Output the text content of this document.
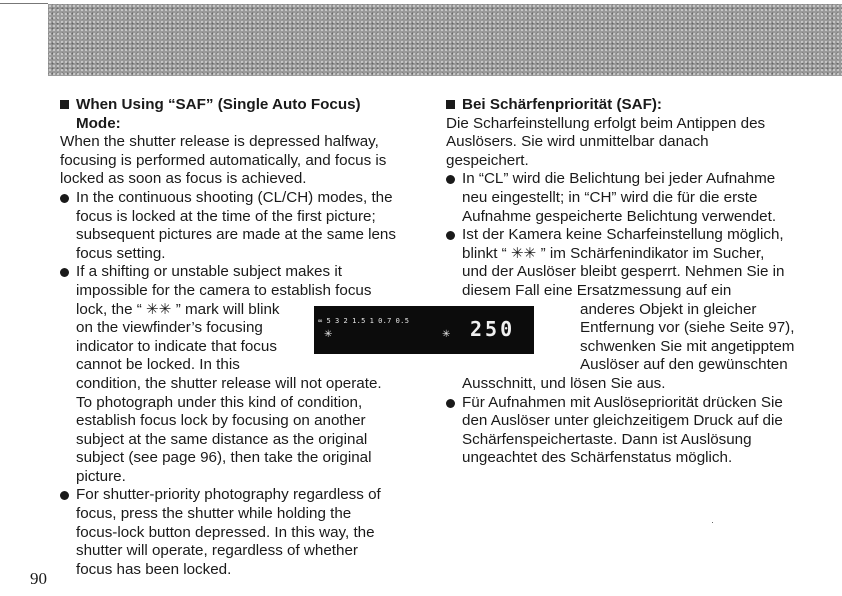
When Using “SAF” (Single Auto Focus)
Mode:
When the shutter release is depressed halfway,
focusing is performed automatically, and focus is
locked as soon as focus is achieved.
In the continuous shooting (CL/CH) modes, the
focus is locked at the time of the first picture;
subsequent pictures are made at the same lens
focus setting.
If a shifting or unstable subject makes it
impossible for the camera to establish focus
lock, the “ ✳✳ ” mark will blink
on the viewfinder’s focusing
indicator to indicate that focus
cannot be locked. In this
condition, the shutter release will not operate.
To photograph under this kind of condition,
establish focus lock by focusing on another
subject at the same distance as the original
subject (see page 96), then take the original
picture.
For shutter-priority photography regardless of
focus, press the shutter while holding the
focus-lock button depressed. In this way, the
shutter will operate, regardless of whether
focus has been locked.
Bei Schärfenpriorität (SAF):
Die Scharfeinstellung erfolgt beim Antippen des
Auslösers. Sie wird unmittelbar danach
gespeichert.
In “CL” wird die Belichtung bei jeder Aufnahme
neu eingestellt; in “CH” wird die für die erste
Aufnahme gespeicherte Belichtung verwendet.
Ist der Kamera keine Scharfeinstellung möglich,
blinkt “ ✳✳ ” im Schärfenindikator im Sucher,
und der Auslöser bleibt gesperrt. Nehmen Sie in
diesem Fall eine Ersatzmessung auf ein
anderes Objekt in gleicher
Entfernung vor (siehe Seite 97),
schwenken Sie mit angetipptem
Auslöser auf den gewünschten
Ausschnitt, und lösen Sie aus.
Für Aufnahmen mit Auslösepriorität drücken Sie
den Auslöser unter gleichzeitigem Druck auf die
Schärfenspeichertaste. Dann ist Auslösung
ungeachtet des Schärfenstatus möglich.
∞ 5 3 2 1.5 1 0.7 0.5
✳	✳ 250
90
